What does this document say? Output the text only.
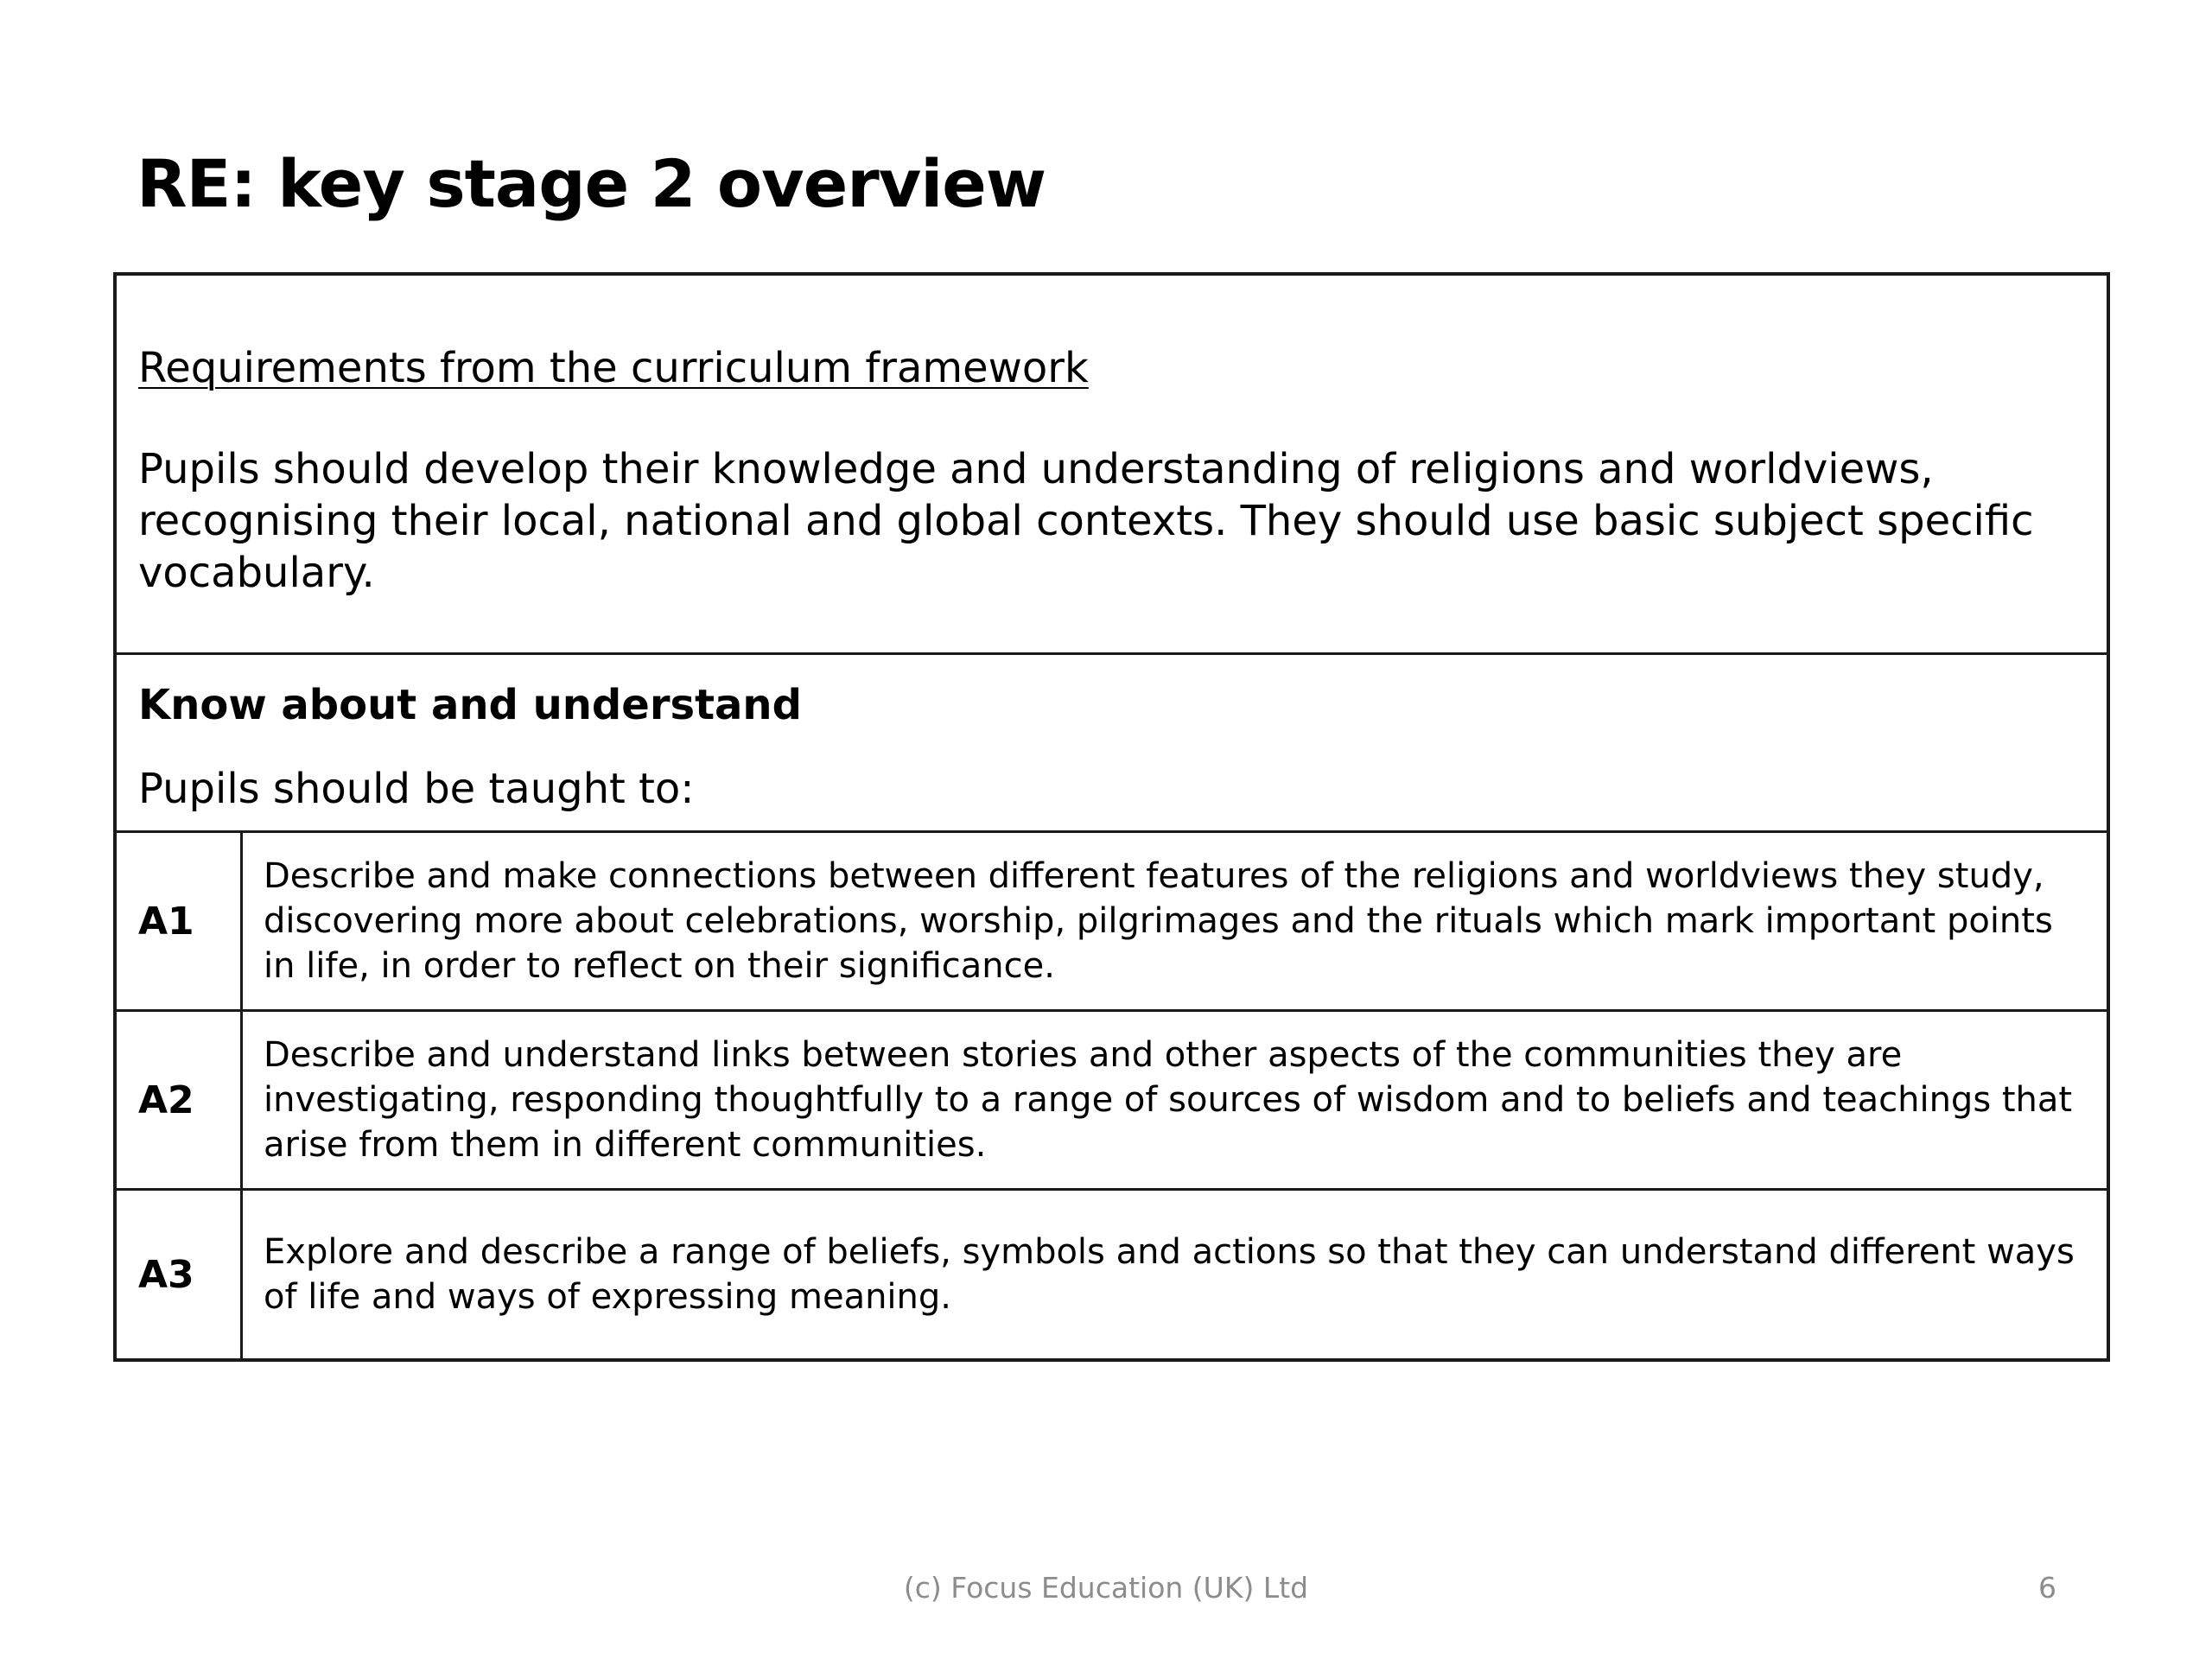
RE: key stage 2 overview
Requirements from the curriculum framework

Pupils should develop their knowledge and understanding of religions and worldviews, recognising their local, national and global contexts. They should use basic subject specific vocabulary.

Know about and understand

Pupils should be taught to:

A1

Describe and make connections between different features of the religions and worldviews they study, discovering more about celebrations, worship, pilgrimages and the rituals which mark important points in life, in order to reflect on their significance.

A2

Describe and understand links between stories and other aspects of the communities they are investigating, responding thoughtfully to a range of sources of wisdom and to beliefs and teachings that arise from them in different communities.

A3

Explore and describe a range of beliefs, symbols and actions so that they can understand different ways of life and ways of expressing meaning.

(c) Focus Education (UK) Ltd	6
